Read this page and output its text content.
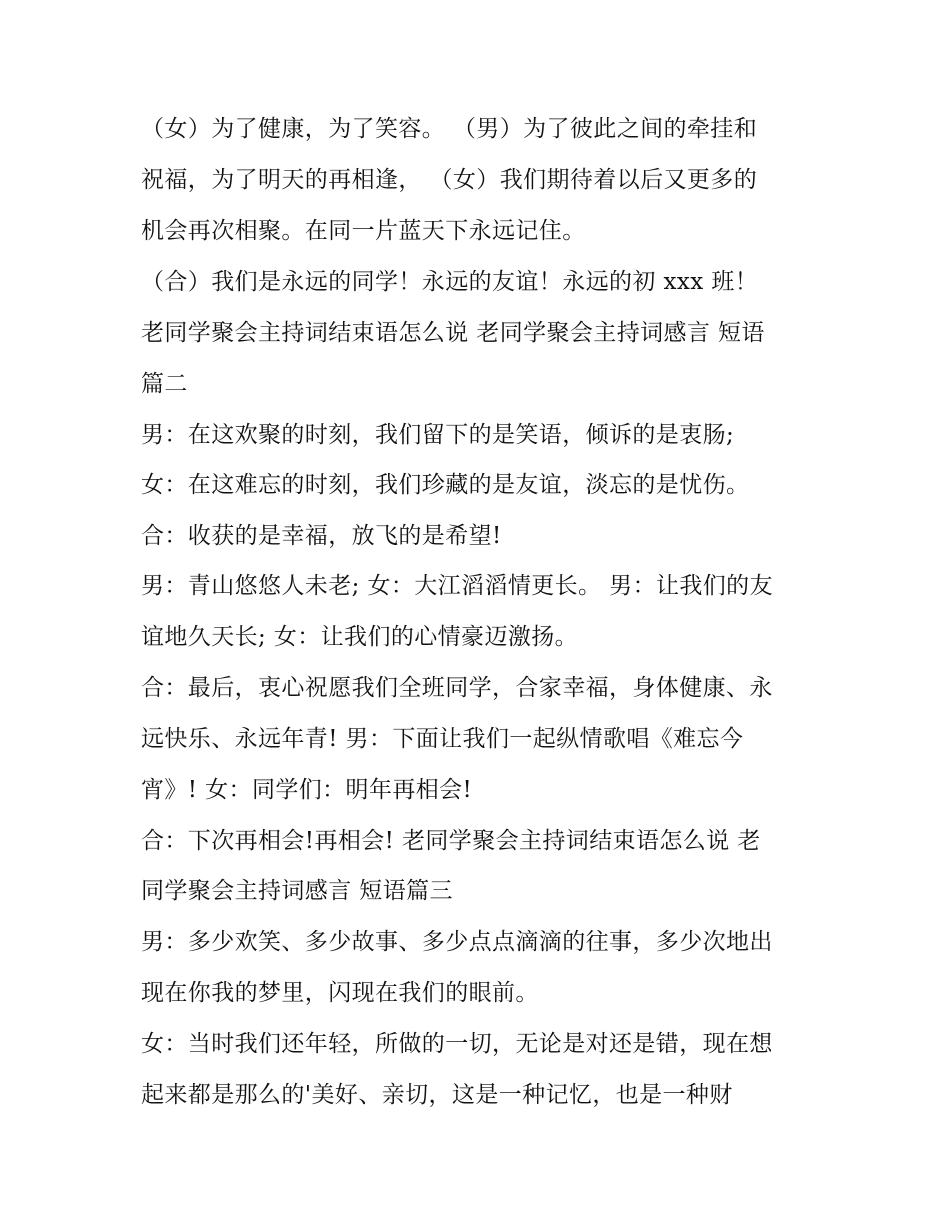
（女）为了健康，为了笑容。 （男）为了彼此之间的牵挂和

祝福，为了明天的再相逢， （女）我们期待着以后又更多的

机会再次相聚。在同一片蓝天下永远记住。

（合）我们是永远的同学！永远的友谊！永远的初 xxx 班！

老同学聚会主持词结束语怎么说 老同学聚会主持词感言 短语

篇二

男：在这欢聚的时刻，我们留下的是笑语，倾诉的是衷肠;

女：在这难忘的时刻，我们珍藏的是友谊，淡忘的是忧伤。

合：收获的是幸福，放飞的是希望!

男：青山悠悠人未老; 女：大江滔滔情更长。 男：让我们的友

谊地久天长; 女：让我们的心情豪迈激扬。

合：最后，衷心祝愿我们全班同学，合家幸福，身体健康、永

远快乐、永远年青! 男：下面让我们一起纵情歌唱《难忘今

宵》! 女：同学们：明年再相会!

合：下次再相会!再相会! 老同学聚会主持词结束语怎么说 老

同学聚会主持词感言 短语篇三

男：多少欢笑、多少故事、多少点点滴滴的往事，多少次地出

现在你我的梦里，闪现在我们的眼前。

女：当时我们还年轻，所做的一切，无论是对还是错，现在想

起来都是那么的'美好、亲切，这是一种记忆，也是一种财
